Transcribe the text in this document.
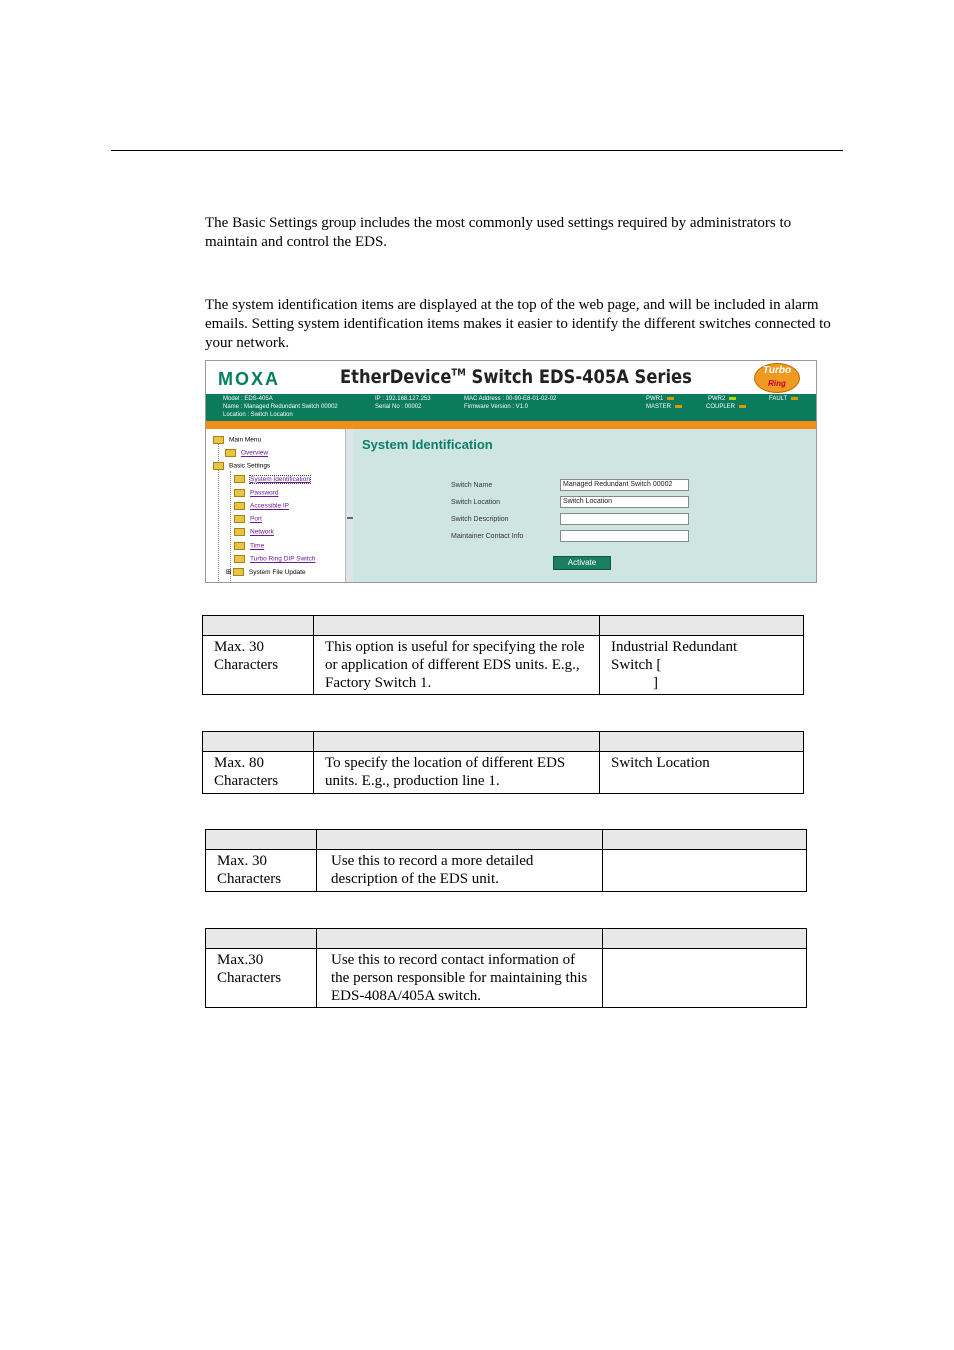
The Basic Settings group includes the most commonly used settings required by administrators to maintain and control the EDS.

The system identification items are displayed at the top of the web page, and will be included in alarm emails. Setting system identification items makes it easier to identify the different switches connected to your network.

MOXA	EtherDevice™ Switch EDS-405A Series	Turbo
Ring
Model : EDS-405A
Name : Managed Redundant Switch 00002
Location : Switch Location
IP : 192.168.127.253
Serial No : 00002
MAC Address : 00-90-E8-01-02-02
Firmware Version : V1.0
PWR1	PWR2	FAULT
MASTER	COUPLER
Main Menu
Overview
Basic Settings
System Identification
Password
Accessible IP
Port
Network
Time
Turbo Ring DIP Switch
⊞	System File Update
System Identification
Switch Name	Managed Redundant Switch 00002
Switch Location	Switch Location
Switch Description
Maintainer Contact Info
Activate

Max. 30 Characters	This option is useful for specifying the role or application of different EDS units. E.g., Factory Switch 1.	Industrial Redundant
Switch [
]

Max. 80 Characters	To specify the location of different EDS units. E.g., production line 1.	Switch Location

Max. 30 Characters	Use this to record a more detailed description of the EDS unit.	

Max.30 Characters	Use this to record contact information of the person responsible for maintaining this EDS-408A/405A switch.	
